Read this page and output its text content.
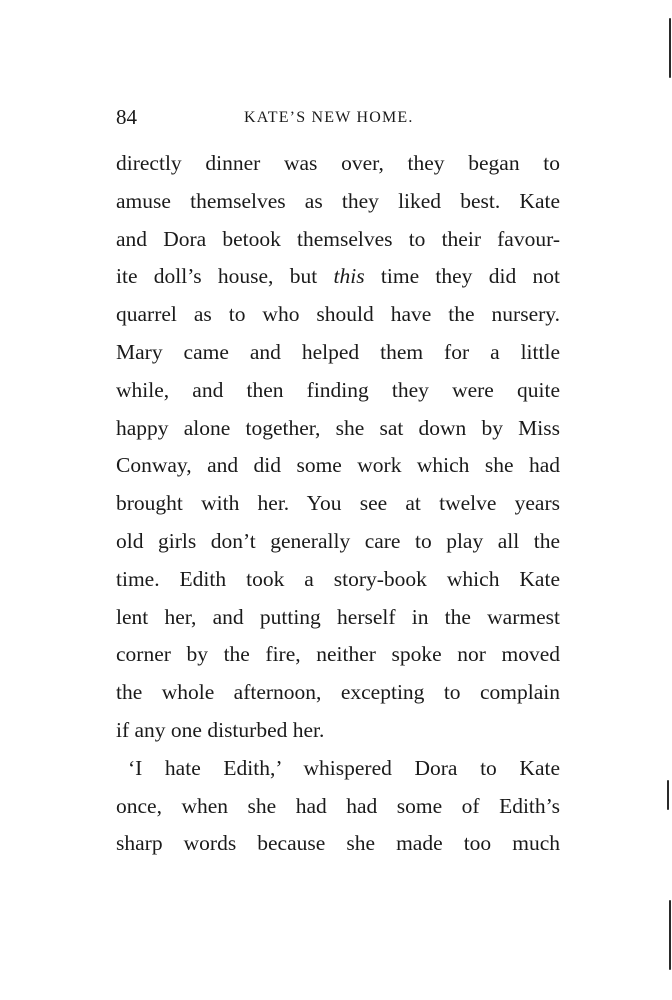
84	KATE’S NEW HOME.
directly dinner was over, they began to
amuse themselves as they liked best. Kate
and Dora betook themselves to their favour-
ite doll’s house, but this time they did not
quarrel as to who should have the nursery.
Mary came and helped them for a little
while, and then finding they were quite
happy alone together, she sat down by Miss
Conway, and did some work which she had
brought with her. You see at twelve years
old girls don’t generally care to play all the
time. Edith took a story-book which Kate
lent her, and putting herself in the warmest
corner by the fire, neither spoke nor moved
the whole afternoon, excepting to complain
if any one disturbed her.
‘I hate Edith,’ whispered Dora to Kate
once, when she had had some of Edith’s
sharp words because she made too much
